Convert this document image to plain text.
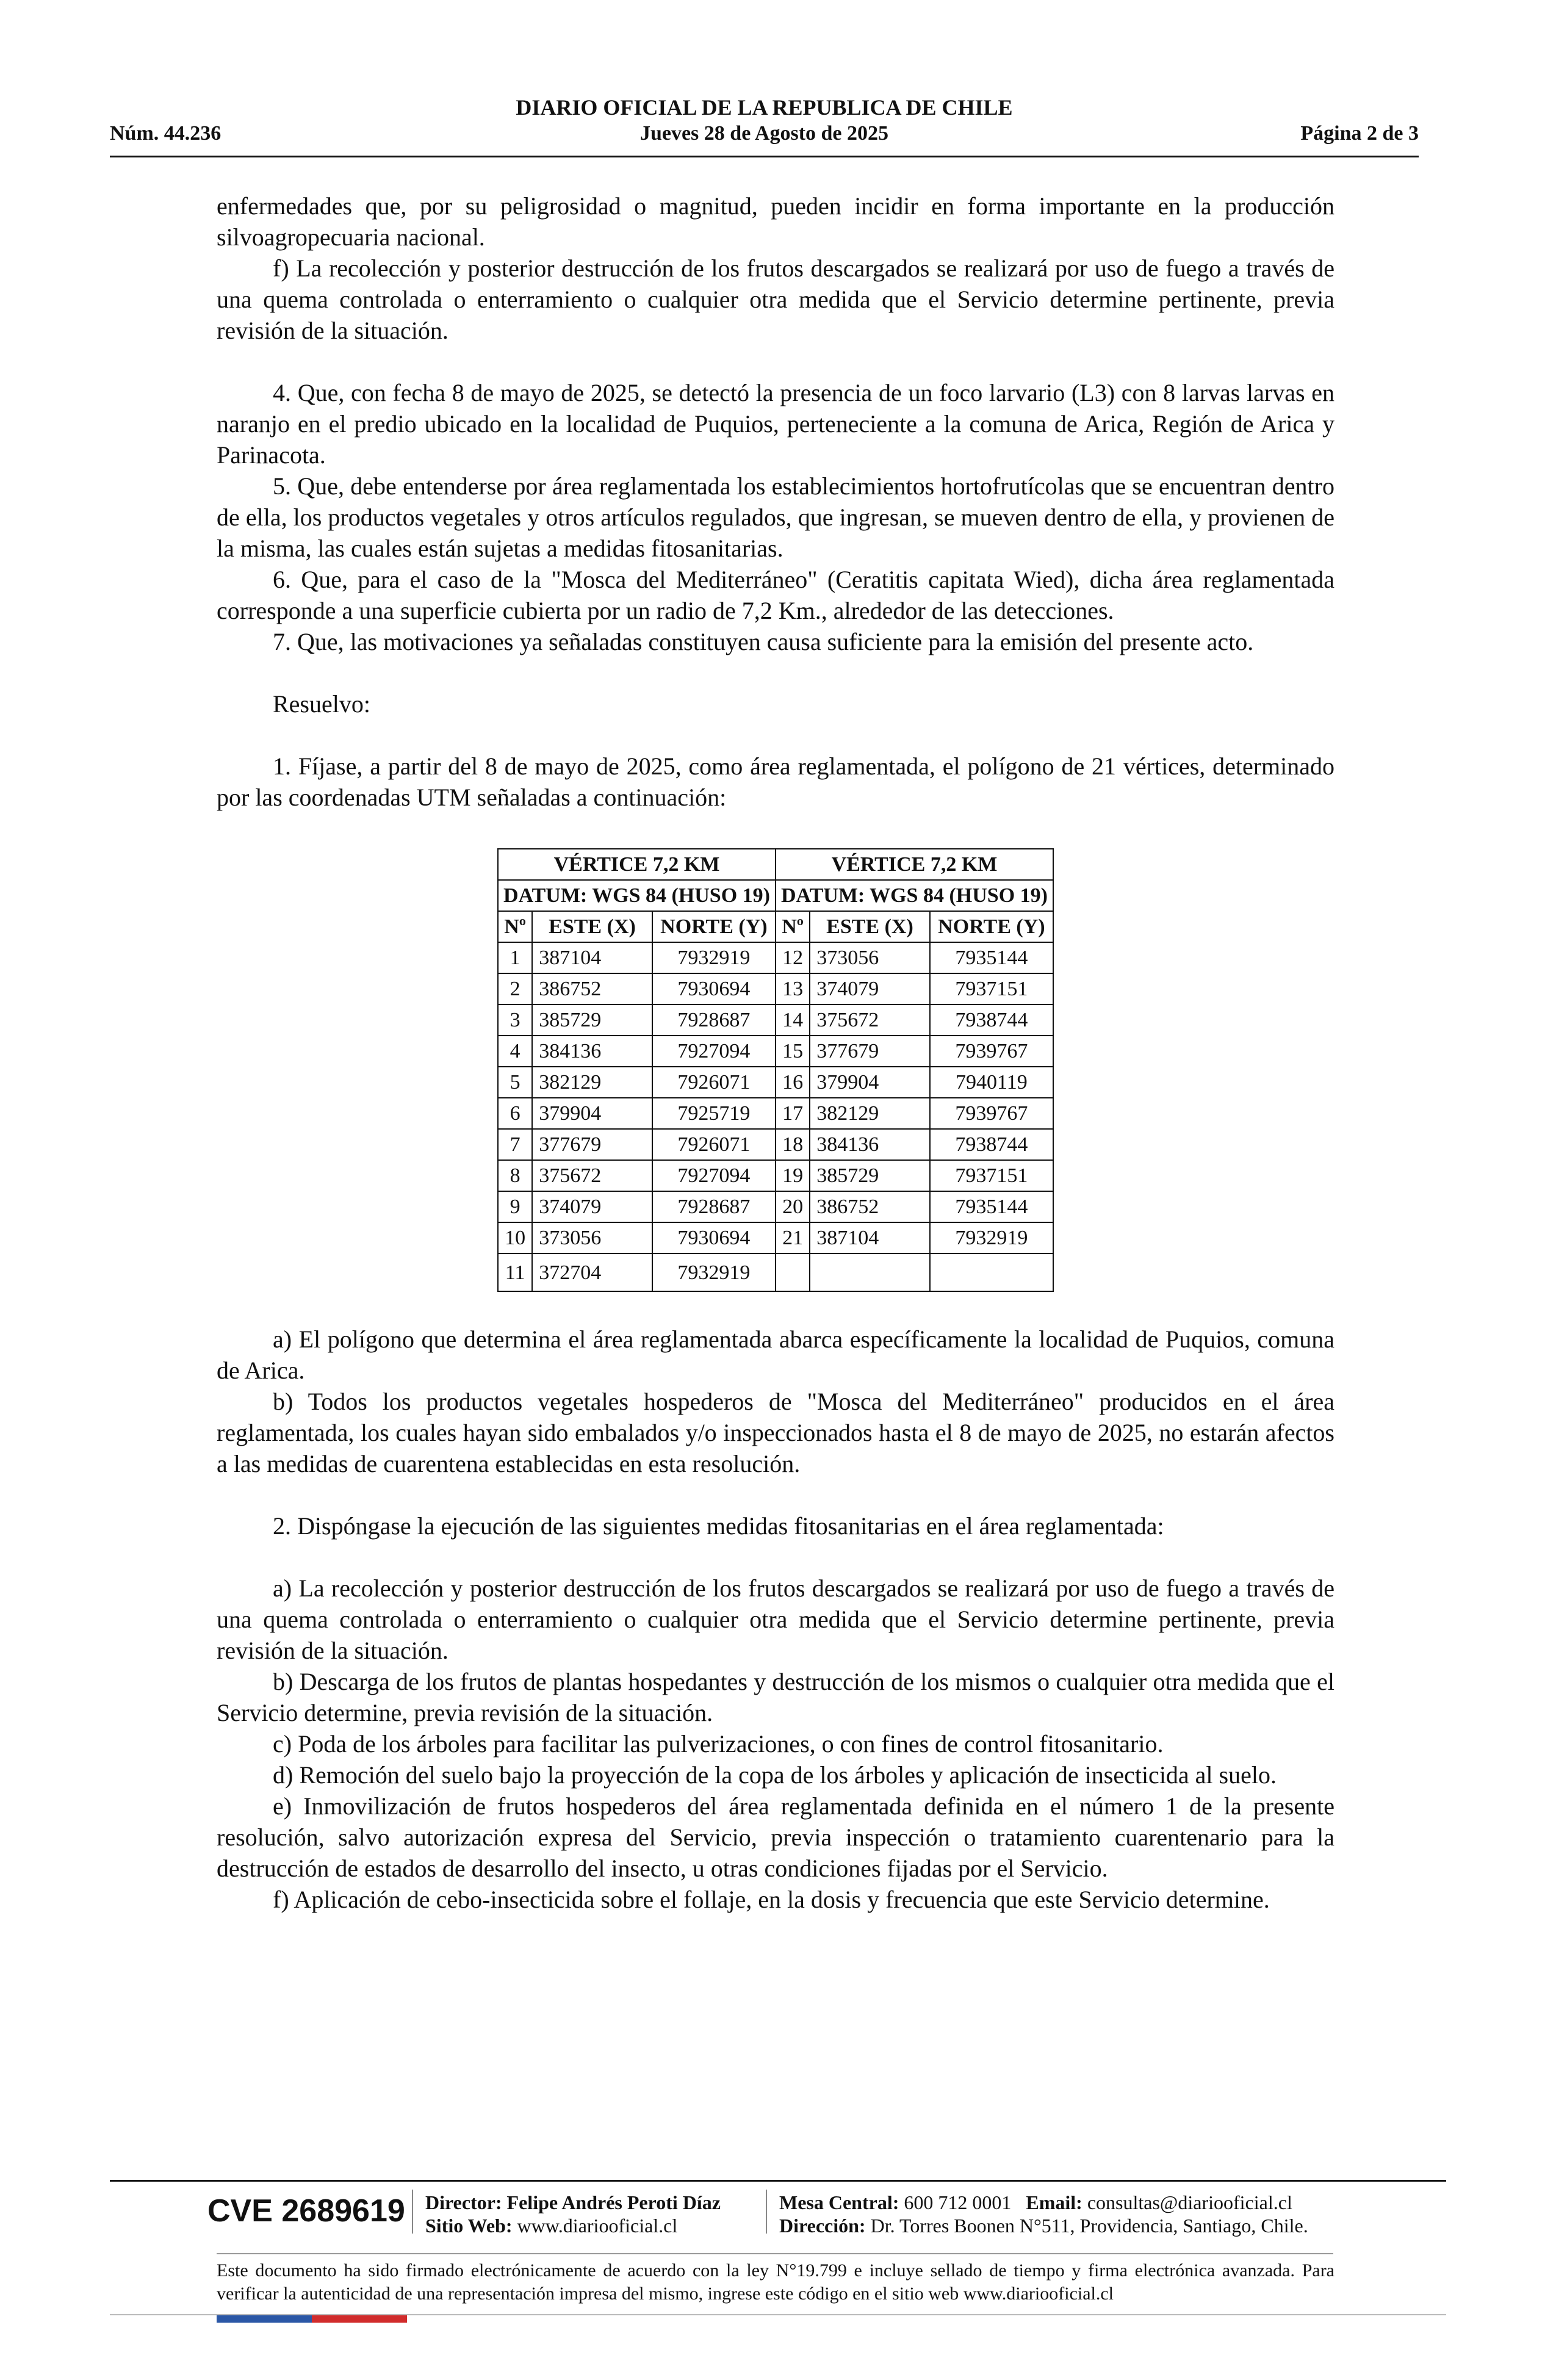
DIARIO OFICIAL DE LA REPUBLICA DE CHILE
Núm. 44.236	Jueves 28 de Agosto de 2025	Página 2 de 3

enfermedades que, por su peligrosidad o magnitud, pueden incidir en forma importante en la producción silvoagropecuaria nacional.

f) La recolección y posterior destrucción de los frutos descargados se realizará por uso de fuego a través de una quema controlada o enterramiento o cualquier otra medida que el Servicio determine pertinente, previa revisión de la situación.

4. Que, con fecha 8 de mayo de 2025, se detectó la presencia de un foco larvario (L3) con 8 larvas larvas en naranjo en el predio ubicado en la localidad de Puquios, perteneciente a la comuna de Arica, Región de Arica y Parinacota.

5. Que, debe entenderse por área reglamentada los establecimientos hortofrutícolas que se encuentran dentro de ella, los productos vegetales y otros artículos regulados, que ingresan, se mueven dentro de ella, y provienen de la misma, las cuales están sujetas a medidas fitosanitarias.

6. Que, para el caso de la "Mosca del Mediterráneo" (Ceratitis capitata Wied), dicha área reglamentada corresponde a una superficie cubierta por un radio de 7,2 Km., alrededor de las detecciones.

7. Que, las motivaciones ya señaladas constituyen causa suficiente para la emisión del presente acto.

Resuelvo:

1. Fíjase, a partir del 8 de mayo de 2025, como área reglamentada, el polígono de 21 vértices, determinado por las coordenadas UTM señaladas a continuación:

VÉRTICE 7,2 KM			VÉRTICE 7,2 KM		
DATUM: WGS 84 (HUSO 19)			DATUM: WGS 84 (HUSO 19)		
Nº	ESTE (X)	NORTE (Y)	Nº	ESTE (X)	NORTE (Y)
1	387104	7932919	12	373056	7935144
2	386752	7930694	13	374079	7937151
3	385729	7928687	14	375672	7938744
4	384136	7927094	15	377679	7939767
5	382129	7926071	16	379904	7940119
6	379904	7925719	17	382129	7939767
7	377679	7926071	18	384136	7938744
8	375672	7927094	19	385729	7937151
9	374079	7928687	20	386752	7935144
10	373056	7930694	21	387104	7932919
11	372704	7932919			

a) El polígono que determina el área reglamentada abarca específicamente la localidad de Puquios, comuna de Arica.

b) Todos los productos vegetales hospederos de "Mosca del Mediterráneo" producidos en el área reglamentada, los cuales hayan sido embalados y/o inspeccionados hasta el 8 de mayo de 2025, no estarán afectos a las medidas de cuarentena establecidas en esta resolución.

2. Dispóngase la ejecución de las siguientes medidas fitosanitarias en el área reglamentada:

a) La recolección y posterior destrucción de los frutos descargados se realizará por uso de fuego a través de una quema controlada o enterramiento o cualquier otra medida que el Servicio determine pertinente, previa revisión de la situación.

b) Descarga de los frutos de plantas hospedantes y destrucción de los mismos o cualquier otra medida que el Servicio determine, previa revisión de la situación.

c) Poda de los árboles para facilitar las pulverizaciones, o con fines de control fitosanitario.

d) Remoción del suelo bajo la proyección de la copa de los árboles y aplicación de insecticida al suelo.

e) Inmovilización de frutos hospederos del área reglamentada definida en el número 1 de la presente resolución, salvo autorización expresa del Servicio, previa inspección o tratamiento cuarentenario para la destrucción de estados de desarrollo del insecto, u otras condiciones fijadas por el Servicio.

f) Aplicación de cebo-insecticida sobre el follaje, en la dosis y frecuencia que este Servicio determine.

CVE 2689619 Director: Felipe Andrés Peroti Díaz
Sitio Web: www.diariooficial.cl
Mesa Central: 600 712 0001 Email: consultas@diariooficial.cl
Dirección: Dr. Torres Boonen N°511, Providencia, Santiago, Chile.
Este documento ha sido firmado electrónicamente de acuerdo con la ley N°19.799 e incluye sellado de tiempo y firma electrónica avanzada. Para verificar la autenticidad de una representación impresa del mismo, ingrese este código en el sitio web www.diariooficial.cl
